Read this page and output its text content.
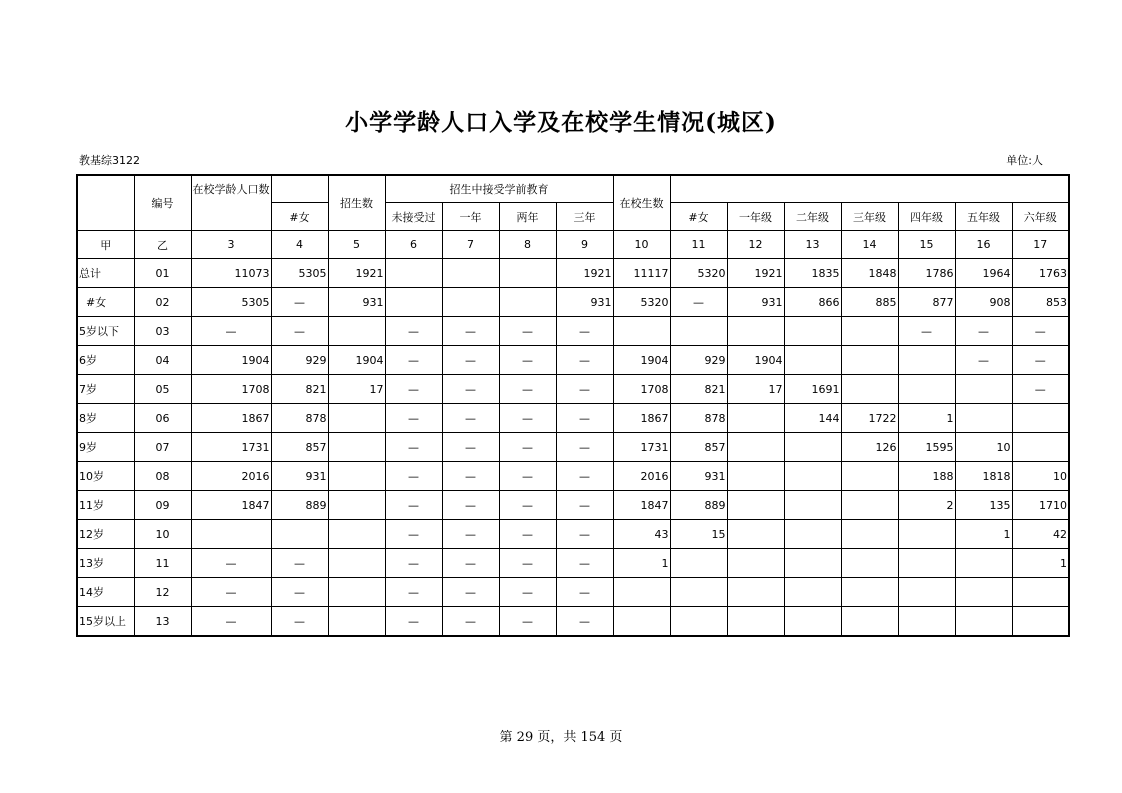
小学学龄人口入学及在校学生情况(城区)
教基综3122	单位:人
	编号	在校学龄人口数		招生数	招生中接受学前教育				在校生数							
			#女		未接受过	一年	两年	三年		#女	一年级	二年级	三年级	四年级	五年级	六年级
甲	乙	3	4	5	6	7	8	9	10	11	12	13	14	15	16	17
总计	01	11073	5305	1921				1921	11117	5320	1921	1835	1848	1786	1964	1763
#女	02	5305	—	931				931	5320	—	931	866	885	877	908	853
5岁以下	03	—	—		—	—	—	—						—	—	—
6岁	04	1904	929	1904	—	—	—	—	1904	929	1904				—	—
7岁	05	1708	821	17	—	—	—	—	1708	821	17	1691				—
8岁	06	1867	878		—	—	—	—	1867	878		144	1722	1		
9岁	07	1731	857		—	—	—	—	1731	857			126	1595	10	
10岁	08	2016	931		—	—	—	—	2016	931				188	1818	10
11岁	09	1847	889		—	—	—	—	1847	889				2	135	1710
12岁	10				—	—	—	—	43	15					1	42
13岁	11	—	—		—	—	—	—	1							1
14岁	12	—	—		—	—	—	—								
15岁以上	13	—	—		—	—	—	—								
第 29 页，共 154 页
